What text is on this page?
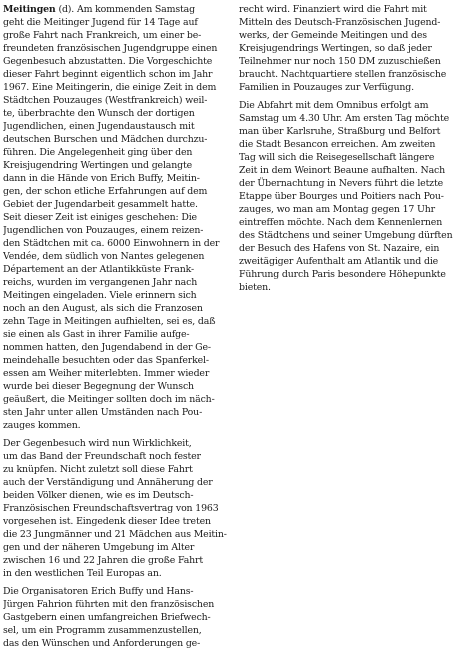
Meitingen (d). Am kommenden Samstag
geht die Meitinger Jugend für 14 Tage auf
große Fahrt nach Frankreich, um einer be-
freundeten französischen Jugendgruppe einen
Gegenbesuch abzustatten. Die Vorgeschichte
dieser Fahrt beginnt eigentlich schon im Jahr
1967. Eine Meitingerin, die einige Zeit in dem
Städtchen Pouzauges (Westfrankreich) weil-
te, überbrachte den Wunsch der dortigen
Jugendlichen, einen Jugendaustausch mit
deutschen Burschen und Mädchen durchzu-
führen. Die Angelegenheit ging über den
Kreisjugendring Wertingen und gelangte
dann in die Hände von Erich Buffy, Meitin-
gen, der schon etliche Erfahrungen auf dem
Gebiet der Jugendarbeit gesammelt hatte.
Seit dieser Zeit ist einiges geschehen: Die
Jugendlichen von Pouzauges, einem reizen-
den Städtchen mit ca. 6000 Einwohnern in der
Vendée, dem südlich von Nantes gelegenen
Département an der Atlantikküste Frank-
reichs, wurden im vergangenen Jahr nach
Meitingen eingeladen. Viele erinnern sich
noch an den August, als sich die Franzosen
zehn Tage in Meitingen aufhielten, sei es, daß
sie einen als Gast in ihrer Familie aufge-
nommen hatten, den Jugendabend in der Ge-
meindehalle besuchten oder das Spanferkel-
essen am Weiher miterlebten. Immer wieder
wurde bei dieser Begegnung der Wunsch
geäußert, die Meitinger sollten doch im näch-
sten Jahr unter allen Umständen nach Pou-
zauges kommen.
Der Gegenbesuch wird nun Wirklichkeit,
um das Band der Freundschaft noch fester
zu knüpfen. Nicht zuletzt soll diese Fahrt
auch der Verständigung und Annäherung der
beiden Völker dienen, wie es im Deutsch-
Französischen Freundschaftsvertrag von 1963
vorgesehen ist. Eingedenk dieser Idee treten
die 23 Jungmänner und 21 Mädchen aus Meitin-
gen und der näheren Umgebung im Alter
zwischen 16 und 22 Jahren die große Fahrt
in den westlichen Teil Europas an.
Die Organisatoren Erich Buffy und Hans-
Jürgen Fahrion führten mit den französischen
Gastgebern einen umfangreichen Briefwech-
sel, um ein Programm zusammenzustellen,
das den Wünschen und Anforderungen ge-
recht wird. Finanziert wird die Fahrt mit
Mitteln des Deutsch-Französischen Jugend-
werks, der Gemeinde Meitingen und des
Kreisjugendrings Wertingen, so daß jeder
Teilnehmer nur noch 150 DM zuzuschießen
braucht. Nachtquartiere stellen französische
Familien in Pouzauges zur Verfügung.
Die Abfahrt mit dem Omnibus erfolgt am
Samstag um 4.30 Uhr. Am ersten Tag möchte
man über Karlsruhe, Straßburg und Belfort
die Stadt Besancon erreichen. Am zweiten
Tag will sich die Reisegesellschaft längere
Zeit in dem Weinort Beaune aufhalten. Nach
der Übernachtung in Nevers führt die letzte
Etappe über Bourges und Poitiers nach Pou-
zauges, wo man am Montag gegen 17 Uhr
eintreffen möchte. Nach dem Kennenlernen
des Städtchens und seiner Umgebung dürften
der Besuch des Hafens von St. Nazaire, ein
zweitägiger Aufenthalt am Atlantik und die
Führung durch Paris besondere Höhepunkte
bieten.
